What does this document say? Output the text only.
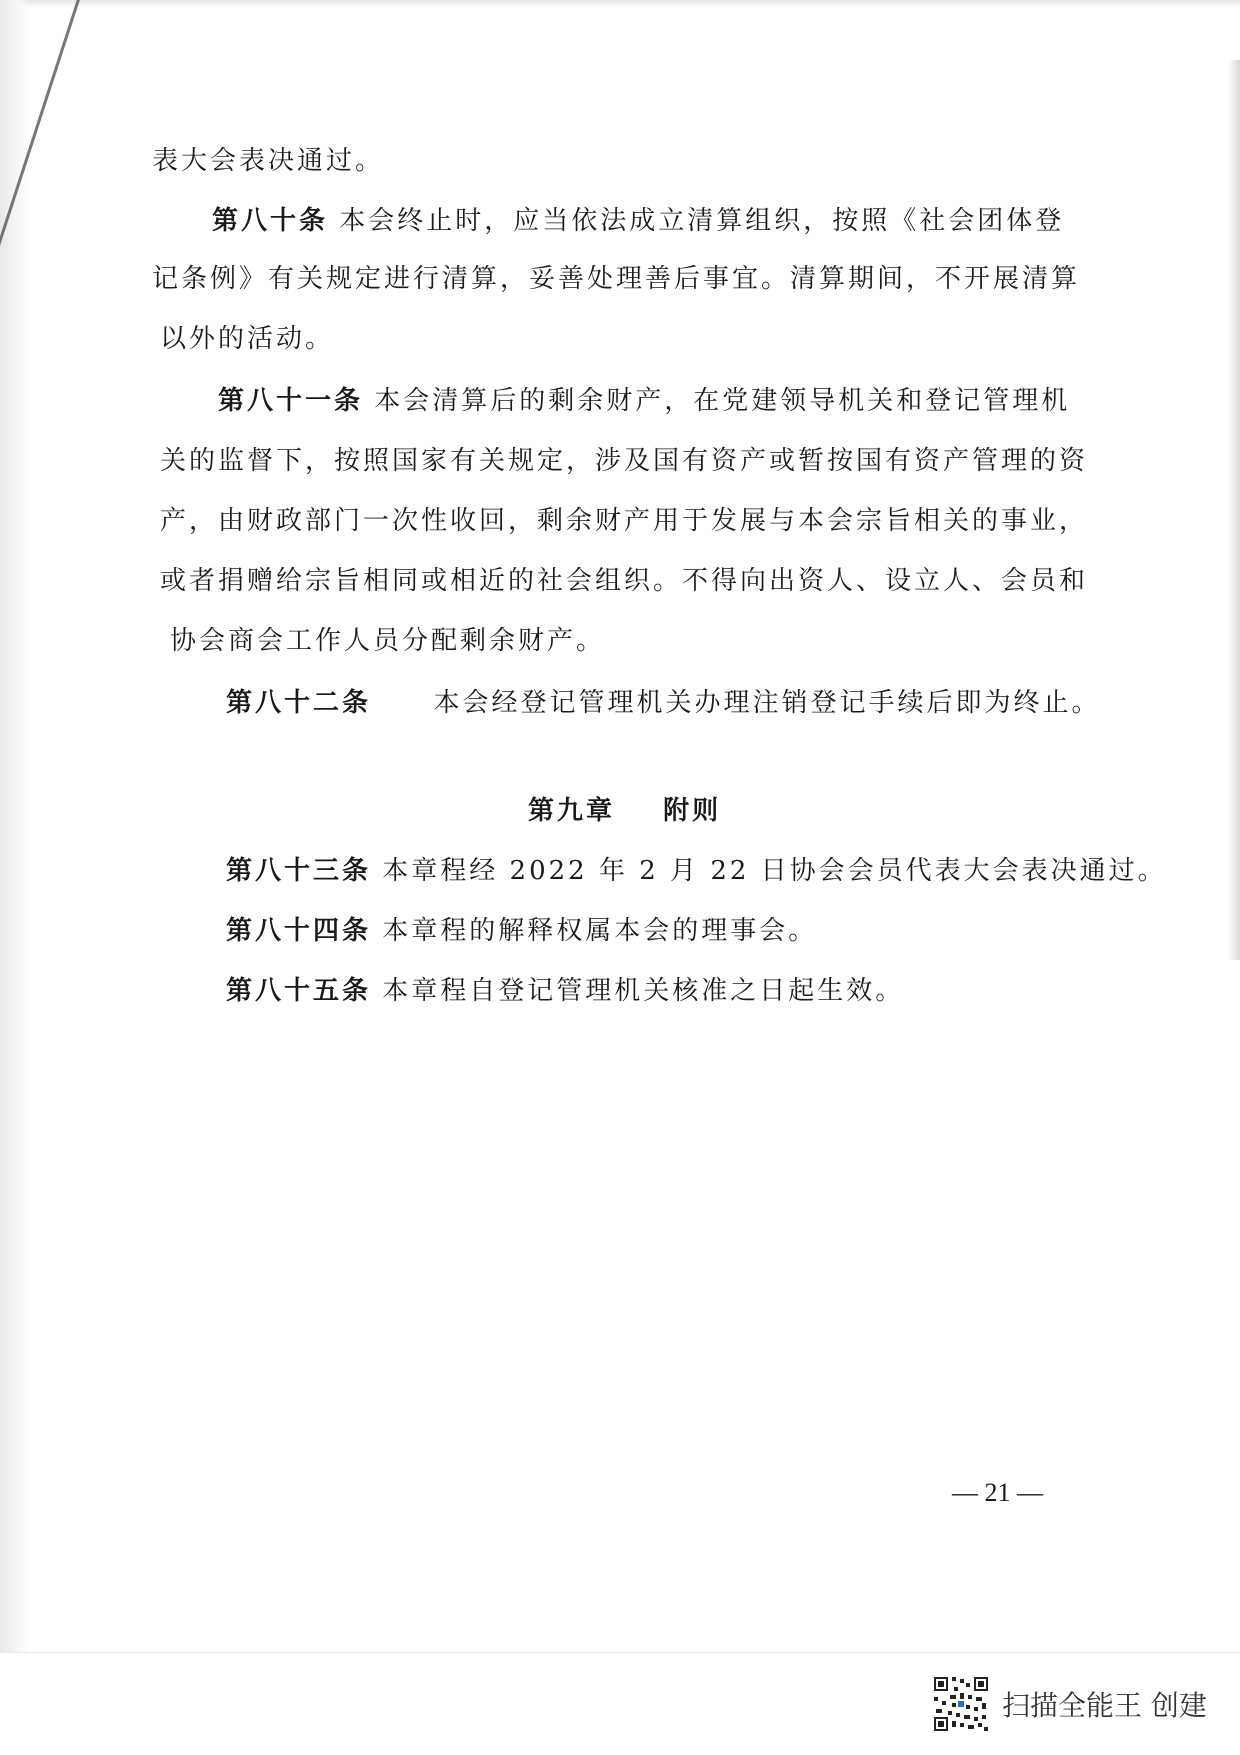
表大会表决通过。
第八十条 本会终止时，应当依法成立清算组织，按照《社会团体登
记条例》有关规定进行清算，妥善处理善后事宜。清算期间，不开展清算
以外的活动。
第八十一条 本会清算后的剩余财产，在党建领导机关和登记管理机
关的监督下，按照国家有关规定，涉及国有资产或暂按国有资产管理的资
产，由财政部门一次性收回，剩余财产用于发展与本会宗旨相关的事业，
或者捐赠给宗旨相同或相近的社会组织。不得向出资人、设立人、会员和
协会商会工作人员分配剩余财产。
第八十二条 本会经登记管理机关办理注销登记手续后即为终止。
第九章 附则
第八十三条 本章程经 2022 年 2 月 22 日协会会员代表大会表决通过。
第八十四条 本章程的解释权属本会的理事会。
第八十五条 本章程自登记管理机关核准之日起生效。
— 21 —
扫描全能王 创建
